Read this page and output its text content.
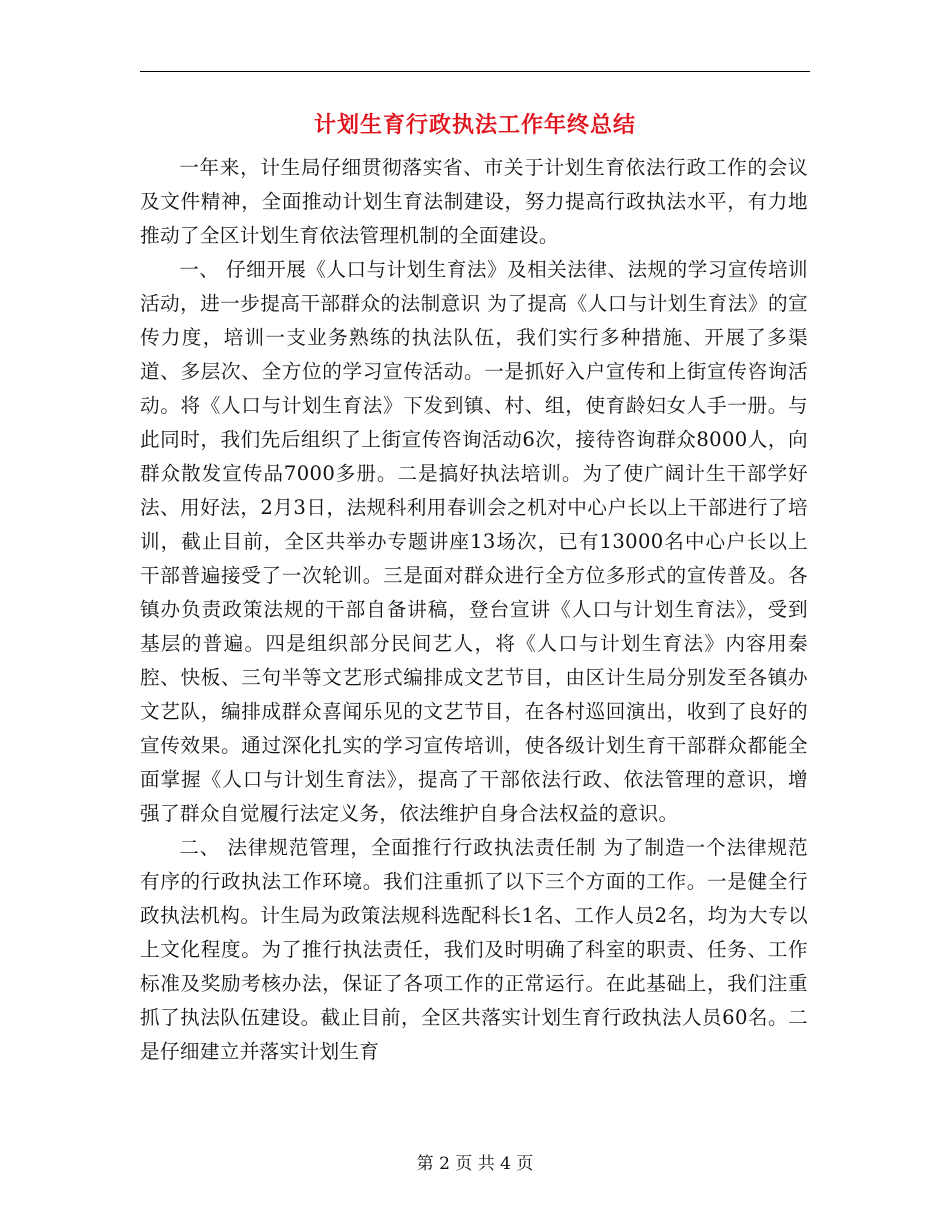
计划生育行政执法工作年终总结

一年来，计生局仔细贯彻落实省、市关于计划生育依法行政工作的会议及文件精神，全面推动计划生育法制建设，努力提高行政执法水平，有力地推动了全区计划生育依法管理机制的全面建设。

一、 仔细开展《人口与计划生育法》及相关法律、法规的学习宣传培训活动，进一步提高干部群众的法制意识 为了提高《人口与计划生育法》的宣传力度，培训一支业务熟练的执法队伍，我们实行多种措施、开展了多渠道、多层次、全方位的学习宣传活动。一是抓好入户宣传和上街宣传咨询活动。将《人口与计划生育法》下发到镇、村、组，使育龄妇女人手一册。与此同时，我们先后组织了上街宣传咨询活动6次，接待咨询群众8000人，向群众散发宣传品7000多册。二是搞好执法培训。为了使广阔计生干部学好法、用好法，2月3日，法规科利用春训会之机对中心户长以上干部进行了培训，截止目前，全区共举办专题讲座13场次，已有13000名中心户长以上干部普遍接受了一次轮训。三是面对群众进行全方位多形式的宣传普及。各镇办负责政策法规的干部自备讲稿，登台宣讲《人口与计划生育法》，受到基层的普遍。四是组织部分民间艺人，将《人口与计划生育法》内容用秦腔、快板、三句半等文艺形式编排成文艺节目，由区计生局分别发至各镇办文艺队，编排成群众喜闻乐见的文艺节目，在各村巡回演出，收到了良好的宣传效果。通过深化扎实的学习宣传培训，使各级计划生育干部群众都能全面掌握《人口与计划生育法》，提高了干部依法行政、依法管理的意识，增强了群众自觉履行法定义务，依法维护自身合法权益的意识。

二、 法律规范管理，全面推行行政执法责任制 为了制造一个法律规范有序的行政执法工作环境。我们注重抓了以下三个方面的工作。一是健全行政执法机构。计生局为政策法规科选配科长1名、工作人员2名，均为大专以上文化程度。为了推行执法责任，我们及时明确了科室的职责、任务、工作标准及奖励考核办法，保证了各项工作的正常运行。在此基础上，我们注重抓了执法队伍建设。截止目前，全区共落实计划生育行政执法人员60名。二是仔细建立并落实计划生育

第 2 页 共 4 页
